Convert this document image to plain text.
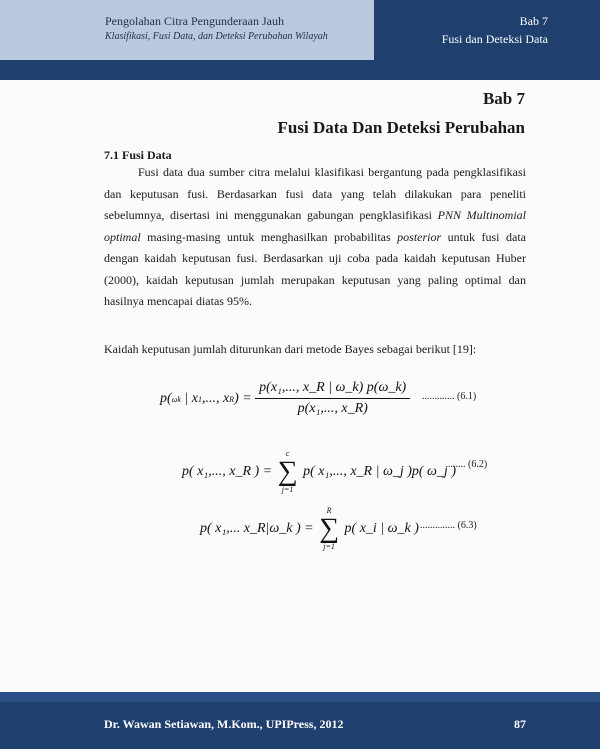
Pengolahan Citra Pengunderaan Jauh
Klasifikasi, Fusi Data, dan Deteksi Perubahan Wilayah
Bab 7
Fusi dan Deteksi Data
Bab 7
Fusi Data Dan Deteksi Perubahan
7.1 Fusi Data
Fusi data dua sumber citra melalui klasifikasi bergantung pada pengklasifikasi dan keputusan fusi. Berdasarkan fusi data yang telah dilakukan para peneliti sebelumnya, disertasi ini menggunakan gabungan pengklasifikasi PNN Multinomial optimal masing-masing untuk menghasilkan probabilitas posterior untuk fusi data dengan kaidah keputusan fusi. Berdasarkan uji coba pada kaidah keputusan Huber (2000), kaidah keputusan jumlah merupakan keputusan yang paling optimal dan hasilnya mencapai diatas 95%.
Kaidah keputusan jumlah diturunkan dari metode Bayes sebagai berikut [19]:
p(ωk | x1,..., $xR) = \frac{\text{p(x₁,..., x\_R | ω\_k) p(ω\_k)}}{\text{p(x₁,..., x\_R)}}$ ............. (6.1)
p( x₁,..., x_R ) =
c
∑
j=1
p( x₁,..., x_R | ω_j )p( ω_j )
....... (6.2)
p( x₁,... x_R|ω_k ) =
R
∑
j=1
p( x_i | ω_k ) .............. (6.3)
Dr. Wawan Setiawan, M.Kom., UPIPress, 2012	87
